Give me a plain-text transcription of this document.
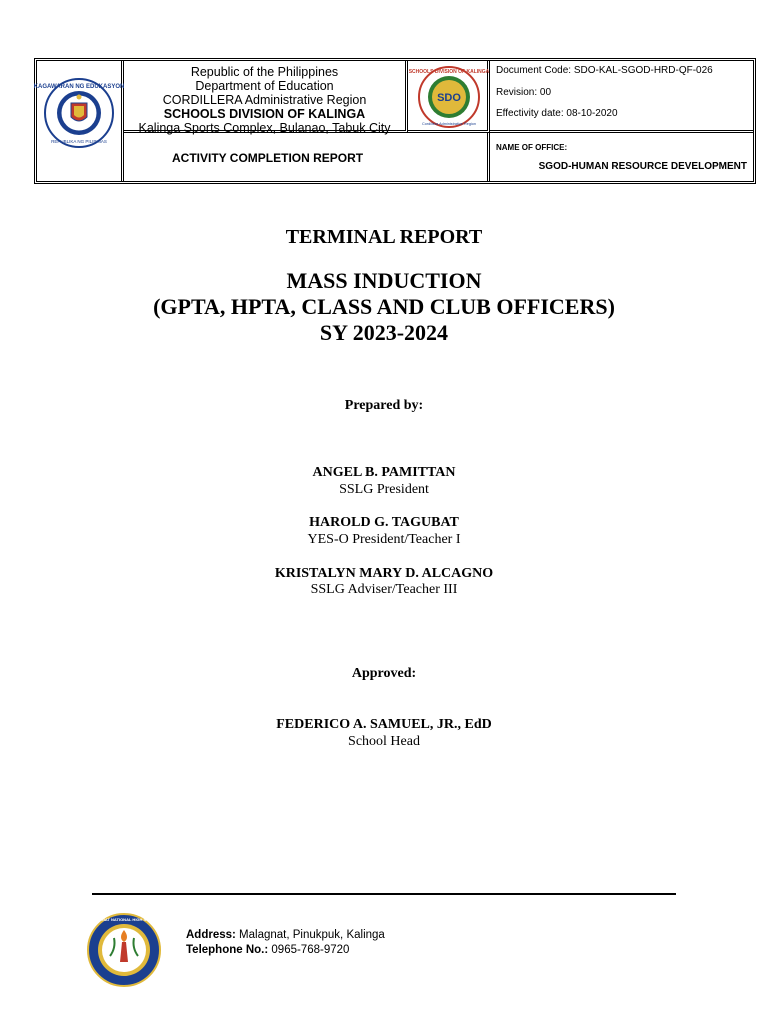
KAGAWARAN NG EDUKASYON
REPUBLIKA NG PILIPINAS
Republic of the Philippines
Department of Education
CORDILLERA Administrative Region
SCHOOLS DIVISION OF KALINGA
Kalinga Sports Complex, Bulanao, Tabuk City
SDO
SCHOOLS DIVISION OF KALINGA
Cordillera Administrative Region
Document Code: SDO-KAL-SGOD-HRD-QF-026
Revision: 00
Effectivity date: 08-10-2020
ACTIVITY COMPLETION REPORT
NAME OF OFFICE:
SGOD-HUMAN RESOURCE DEVELOPMENT
TERMINAL REPORT
MASS INDUCTION
(GPTA, HPTA, CLASS AND CLUB OFFICERS)
SY 2023-2024
Prepared by:
ANGEL B. PAMITTAN
SSLG President
HAROLD G. TAGUBAT
YES-O President/Teacher I
KRISTALYN MARY D. ALCAGNO
SSLG Adviser/Teacher III
Approved:
FEDERICO A. SAMUEL, JR., EdD
School Head
MALAGNAT NATIONAL HIGH SCHOOL
Address: Malagnat, Pinukpuk, Kalinga
Telephone No.: 0965-768-9720
